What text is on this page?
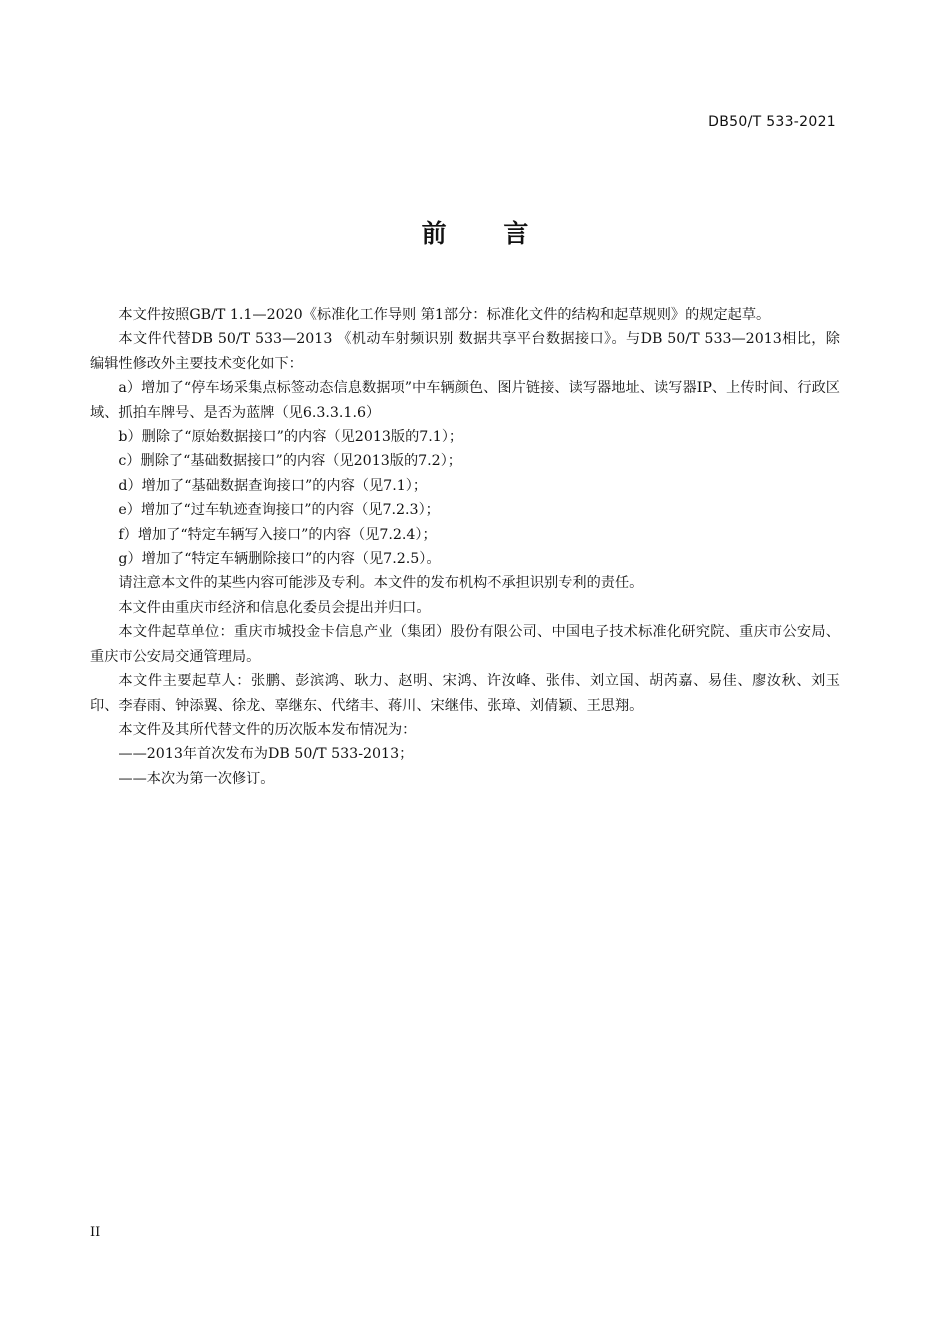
DB50/T 533-2021
前 言

本文件按照GB/T 1.1—2020《标准化工作导则 第1部分：标准化文件的结构和起草规则》的规定起草。

本文件代替DB 50/T 533—2013 《机动车射频识别 数据共享平台数据接口》。与DB 50/T 533—2013相比，除编辑性修改外主要技术变化如下：

a）增加了“停车场采集点标签动态信息数据项”中车辆颜色、图片链接、读写器地址、读写器IP、上传时间、行政区域、抓拍车牌号、是否为蓝牌（见6.3.3.1.6）

b）删除了“原始数据接口”的内容（见2013版的7.1）；

c）删除了“基础数据接口”的内容（见2013版的7.2）；

d）增加了“基础数据查询接口”的内容（见7.1）；

e）增加了“过车轨迹查询接口”的内容（见7.2.3）；

f）增加了“特定车辆写入接口”的内容（见7.2.4）；

g）增加了“特定车辆删除接口”的内容（见7.2.5）。

请注意本文件的某些内容可能涉及专利。本文件的发布机构不承担识别专利的责任。

本文件由重庆市经济和信息化委员会提出并归口。

本文件起草单位：重庆市城投金卡信息产业（集团）股份有限公司、中国电子技术标准化研究院、重庆市公安局、重庆市公安局交通管理局。

本文件主要起草人：张鹏、彭滨鸿、耿力、赵明、宋鸿、许汝峰、张伟、刘立国、胡芮嘉、易佳、廖汝秋、刘玉印、李春雨、钟添翼、徐龙、辜继东、代绪丰、蒋川、宋继伟、张璋、刘倩颖、王思翔。

本文件及其所代替文件的历次版本发布情况为：

——2013年首次发布为DB 50/T 533-2013；

——本次为第一次修订。

II
